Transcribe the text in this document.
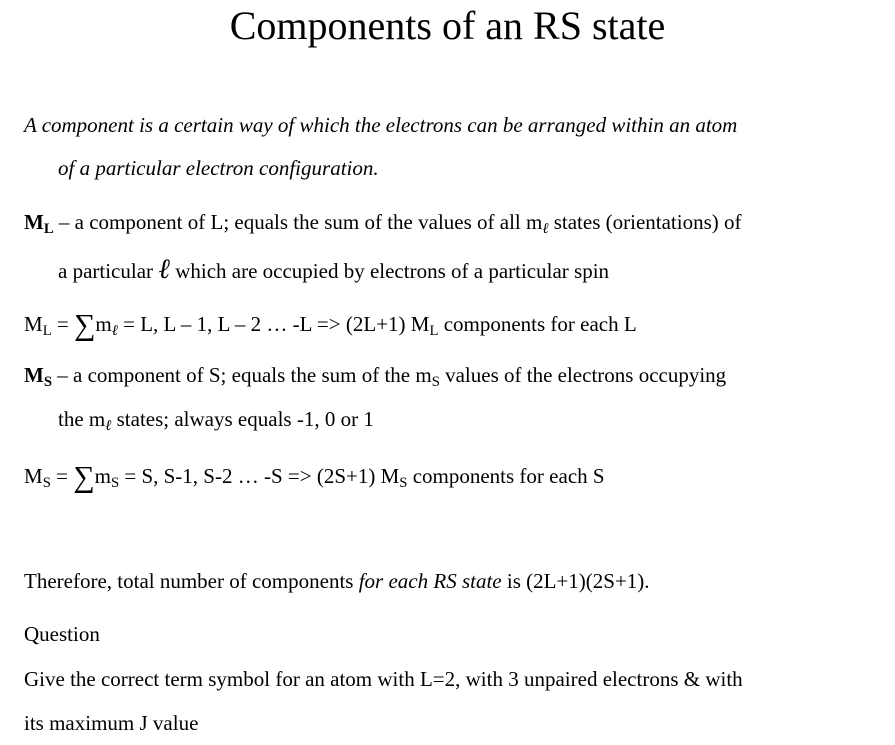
Components of an RS state

A component is a certain way of which the electrons can be arranged within an atom

of a particular electron configuration.

$M_L$ – a component of L; equals the sum of the values of all $m_\ell$ states (orientations) of

a particular ℓ which are occupied by electrons of a particular spin

$M_L = \sum m_\ell = L$, L – 1, L – 2 … -L => (2L+1) $M_L$ components for each L

$M_S$ – a component of S; equals the sum of the $m_S$ values of the electrons occupying

the $m_\ell$ states; always equals -1, 0 or 1

$M_S = \sum m_S = S$, S-1, S-2 … -S => (2S+1) $M_S$ components for each S

Therefore, total number of components for each RS state is (2L+1)(2S+1).

Question

Give the correct term symbol for an atom with L=2, with 3 unpaired electrons & with

its maximum J value
